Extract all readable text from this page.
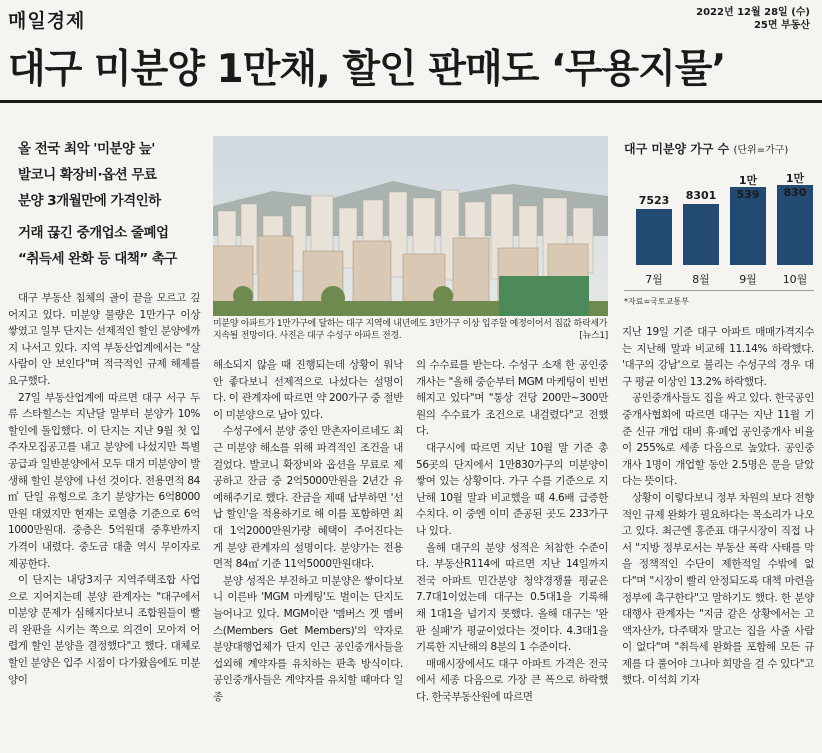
매일경제	2022년 12월 28일 (수)
25면 부동산
대구 미분양 1만채, 할인 판매도 ‘무용지물’
올 전국 최악 '미분양 늪'
발코니 확장비·옵션 무료
분양 3개월만에 가격인하
거래 끊긴 중개업소 줄폐업
“취득세 완화 등 대책” 촉구
미분양 아파트가 1만가구에 달하는 대구 지역에 내년에도 3만가구 이상 입주할 예정이어서 집값 하락세가 지속될 전망이다. 사진은 대구 수성구 아파트 전경.	[뉴스1]
대구 미분양 가구 수 (단위=가구)
7523
7월
8301
8월
1만539
9월
1만830
10월
*자료=국토교통부

대구 부동산 침체의 골이 끝을 모르고 깊어지고 있다. 미분양 물량은 1만가구 이상 쌓였고 일부 단지는 선제적인 할인 분양에까지 나서고 있다. 지역 부동산업계에서는 "살 사람이 안 보인다"며 적극적인 규제 해제를 요구했다.

27일 부동산업계에 따르면 대구 서구 두류 스타힐스는 지난달 말부터 분양가 10% 할인에 돌입했다. 이 단지는 지난 9월 첫 입주자모집공고를 내고 분양에 나섰지만 특별공급과 일반분양에서 모두 대거 미분양이 발생해 할인 분양에 나선 것이다. 전용면적 84㎡ 단일 유형으로 초기 분양가는 6억8000만원 대였지만 현재는 로열층 기준으로 6억 1000만원대. 중층은 5억원대 중후반까지 가격이 내렸다. 중도금 대출 역시 무이자로 제공한다.

이 단지는 내당3지구 지역주택조합 사업으로 지어지는데 분양 관계자는 "대구에서 미분양 문제가 심해지다보니 조합원들이 빨리 완판을 시키는 쪽으로 의견이 모아져 어렵게 할인 분양을 결정했다"고 했다. 대체로 할인 분양은 입주 시점이 다가왔음에도 미분양이

해소되지 않을 때 진행되는데 상황이 워낙 안 좋다보니 선제적으로 나섰다는 설명이다. 이 관계자에 따르면 약 200가구 중 절반이 미분양으로 남아 있다.

수성구에서 분양 중인 만촌자이르네도 최근 미분양 해소를 위해 파격적인 조건을 내걸었다. 발코니 확장비와 옵션을 무료로 제공하고 잔금 중 2억5000만원을 2년간 유예해주기로 했다. 잔금을 제때 납부하면 '선납 할인'을 적용하기로 해 이를 포함하면 최대 1억2000만원가량 혜택이 주어진다는 게 분양 관계자의 설명이다. 분양가는 전용면적 84㎡ 기준 11억5000만원대다.

분양 성적은 부진하고 미분양은 쌓이다보니 이른바 'MGM 마케팅'도 벌이는 단지도 늘어나고 있다. MGM이란 '멤버스 겟 멤버스(Members Get Members)'의 약자로 분양대행업체가 단지 인근 공인중개사들을 섭외해 계약자를 유치하는 판촉 방식이다. 공인중개사들은 계약자를 유치할 때마다 일종

의 수수료를 받는다. 수성구 소재 한 공인중개사는 "올해 중순부터 MGM 마케팅이 빈번해지고 있다"며 "통상 건당 200만~300만원의 수수료가 조건으로 내걸렸다"고 전했다.

대구시에 따르면 지난 10월 말 기준 총 56곳의 단지에서 1만830가구의 미분양이 쌓여 있는 상황이다. 가구 수를 기준으로 지난해 10월 말과 비교했을 때 4.6배 급증한 수치다. 이 중엔 이미 준공된 곳도 233가구나 있다.

올해 대구의 분양 성적은 처참한 수준이다. 부동산R114에 따르면 지난 14일까지 전국 아파트 민간분양 청약경쟁률 평균은 7.7대1이었는데 대구는 0.5대1을 기록해 채 1대1을 넘기지 못했다. 올해 대구는 '완판 실패'가 평균이었다는 것이다. 4.3대1을 기록한 지난해의 8분의 1 수준이다.

매매시장에서도 대구 아파트 가격은 전국에서 세종 다음으로 가장 큰 폭으로 하락했다. 한국부동산원에 따르면

지난 19일 기준 대구 아파트 매매가격지수는 지난해 말과 비교해 11.14% 하락했다. '대구의 강남'으로 불리는 수성구의 경우 대구 평균 이상인 13.2% 하락했다.

공인중개사들도 집을 싸고 있다. 한국공인중개사협회에 따르면 대구는 지난 11월 기준 신규 개업 대비 휴·폐업 공인중개사 비율이 255%로 세종 다음으로 높았다. 공인중개사 1명이 개업할 동안 2.5명은 문을 닫았다는 뜻이다.

상황이 이렇다보니 정부 차원의 보다 전향적인 규제 완화가 필요하다는 목소리가 나오고 있다. 최근엔 홍준표 대구시장이 직접 나서 "지방 정부로서는 부동산 폭락 사태를 막을 정책적인 수단이 제한적일 수밖에 없다"며 "시장이 빨리 안정되도록 대책 마련을 정부에 촉구한다"고 말하기도 했다. 한 분양대행사 관계자는 "지금 같은 상황에서는 고액자산가, 다주택자 말고는 집을 사줄 사람이 없다"며 "취득세 완화를 포함해 모든 규제를 다 풀어야 그나마 희망을 걸 수 있다"고 했다. 이석희 기자
